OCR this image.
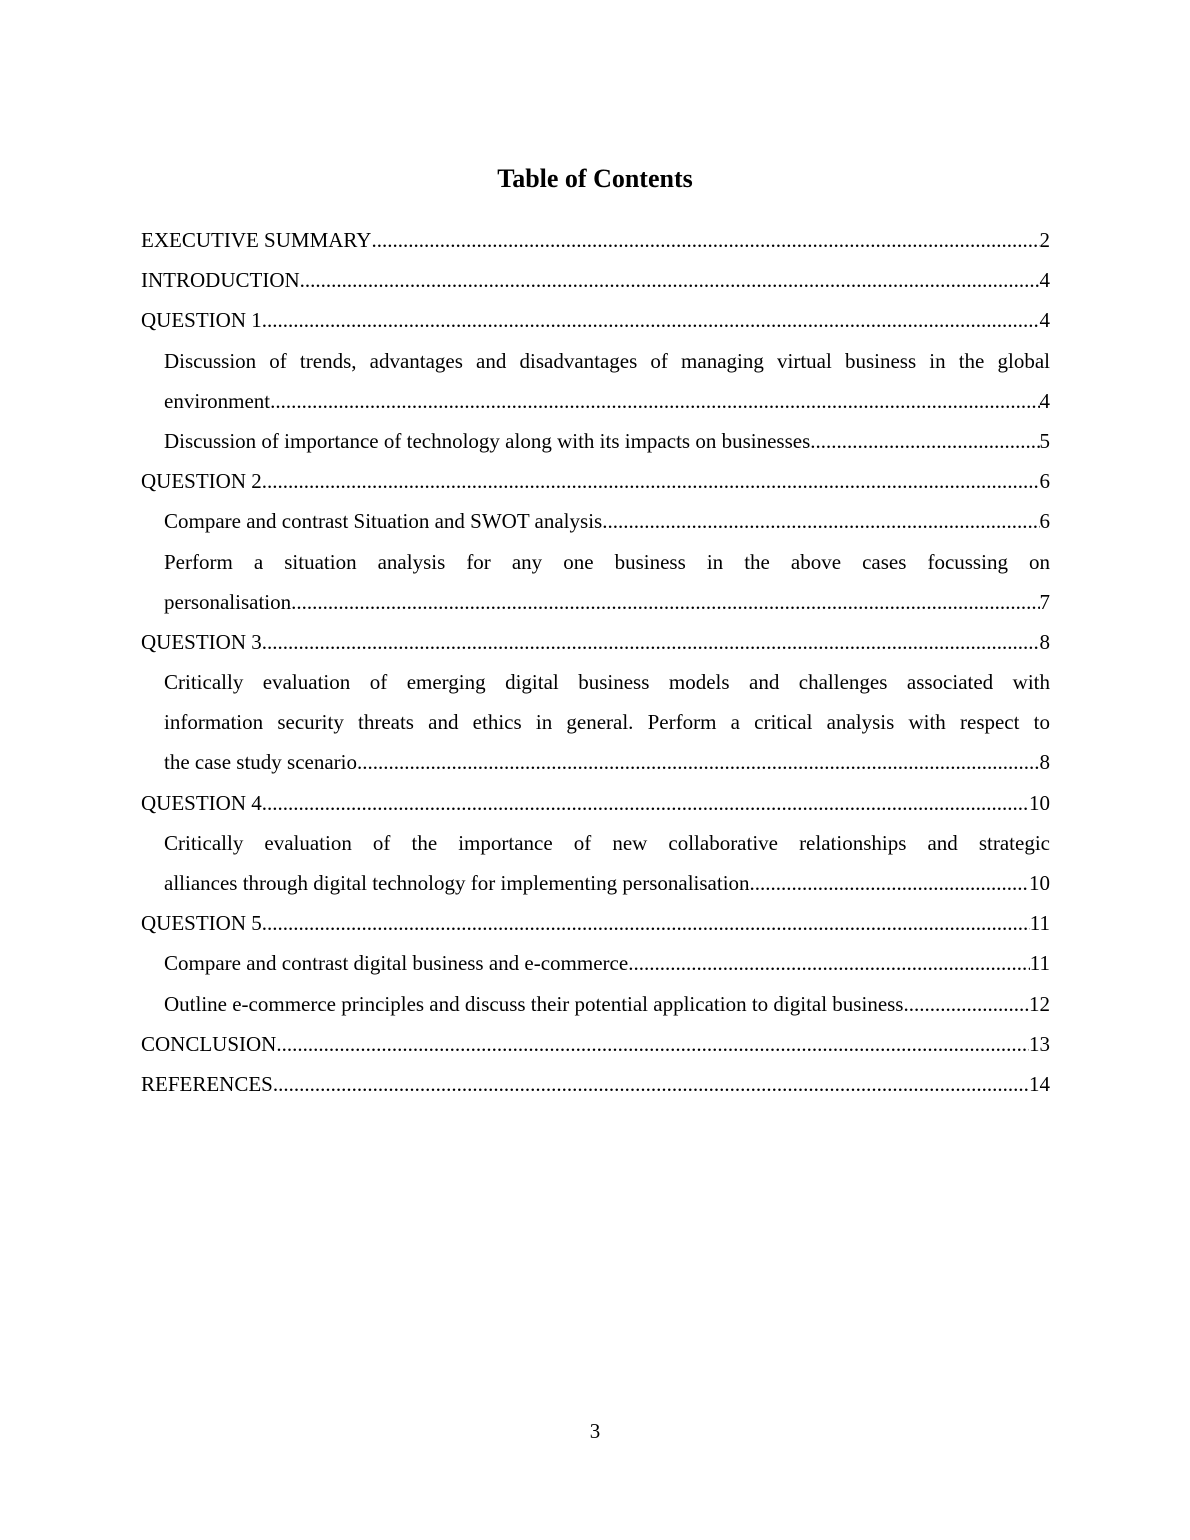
Table of Contents
EXECUTIVE SUMMARY .....	2
INTRODUCTION .....	4
QUESTION 1 .....	4
Discussion of trends, advantages and disadvantages of managing virtual business in the global
environment .....	4
Discussion of importance of technology along with its impacts on businesses .....	5
QUESTION 2 .....	6
Compare and contrast Situation and SWOT analysis .....	6
Perform a situation analysis for any one business in the above cases focussing on
personalisation .....	7
QUESTION 3 .....	8
Critically evaluation of emerging digital business models and challenges associated with
information security threats and ethics in general. Perform a critical analysis with respect to
the case study scenario .....	8
QUESTION 4 .....	10
Critically evaluation of the importance of new collaborative relationships and strategic
alliances through digital technology for implementing personalisation .....	10
QUESTION 5 .....	11
Compare and contrast digital business and e-commerce .....	11
Outline e-commerce principles and discuss their potential application to digital business .....	12
CONCLUSION .....	13
REFERENCES .....	14
3
